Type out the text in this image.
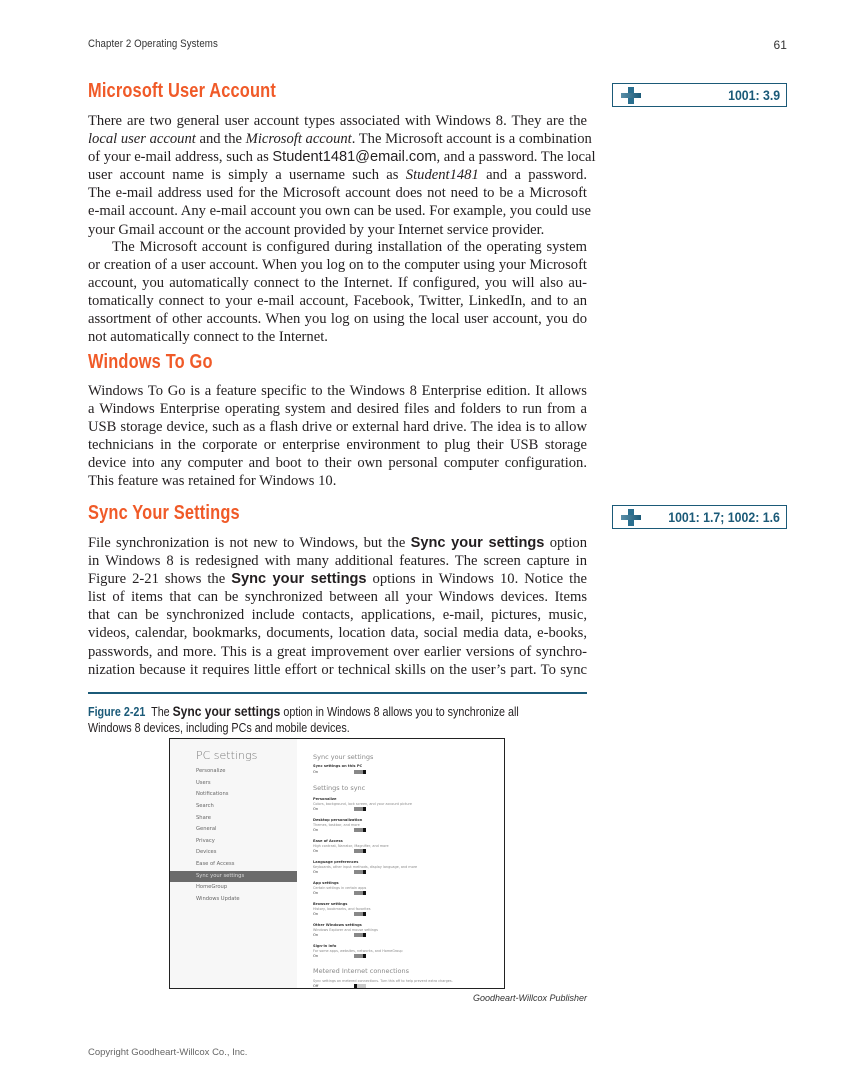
Chapter 2 Operating Systems	61
Microsoft User Account	1001: 3.9
There are two general user account types associated with Windows 8. They are the
local user account and the Microsoft account. The Microsoft account is a combination
of your e-mail address, such as Student1481@email.com, and a password. The local
user account name is simply a username such as Student1481 and a password.
The e-mail address used for the Microsoft account does not need to be a Microsoft
e-mail account. Any e-mail account you own can be used. For example, you could use
your Gmail account or the account provided by your Internet service provider.
The Microsoft account is configured during installation of the operating system
or creation of a user account. When you log on to the computer using your Microsoft
account, you automatically connect to the Internet. If configured, you will also au-
tomatically connect to your e-mail account, Facebook, Twitter, LinkedIn, and to an
assortment of other accounts. When you log on using the local user account, you do
not automatically connect to the Internet.
Windows To Go
Windows To Go is a feature specific to the Windows 8 Enterprise edition. It allows
a Windows Enterprise operating system and desired files and folders to run from a
USB storage device, such as a flash drive or external hard drive. The idea is to allow
technicians in the corporate or enterprise environment to plug their USB storage
device into any computer and boot to their own personal computer configuration.
This feature was retained for Windows 10.
Sync Your Settings	1001: 1.7; 1002: 1.6
File synchronization is not new to Windows, but the Sync your settings option
in Windows 8 is redesigned with many additional features. The screen capture in
Figure 2-21 shows the Sync your settings options in Windows 10. Notice the
list of items that can be synchronized between all your Windows devices. Items
that can be synchronized include contacts, applications, e-mail, pictures, music,
videos, calendar, bookmarks, documents, location data, social media data, e-books,
passwords, and more. This is a great improvement over earlier versions of synchro-
nization because it requires little effort or technical skills on the user’s part. To sync
Figure 2-21  The Sync your settings option in Windows 8 allows you to synchronize all
Windows 8 devices, including PCs and mobile devices.
PC settings
Personalize
Users
Notifications
Search
Share
General
Privacy
Devices
Ease of Access
Sync your settings
HomeGroup
Windows Update
Sync your settings
Sync settings on this PC
On
Settings to sync
Personalize
Colors, background, lock screen, and your account picture
On
Desktop personalization
Themes, taskbar, and more
On
Ease of Access
High contrast, Narrator, Magnifier, and more
On
Language preferences
Keyboards, other input methods, display language, and more
On
App settings
Certain settings in certain apps
On
Browser settings
History, bookmarks, and favorites
On
Other Windows settings
Windows Explorer and mouse settings
On
Sign-in info
For some apps, websites, networks, and HomeGroup
On
Metered Internet connections
Sync settings on metered connections. Turn this off to help prevent extra charges.
Off
Goodheart-Willcox Publisher
Copyright Goodheart-Willcox Co., Inc.
